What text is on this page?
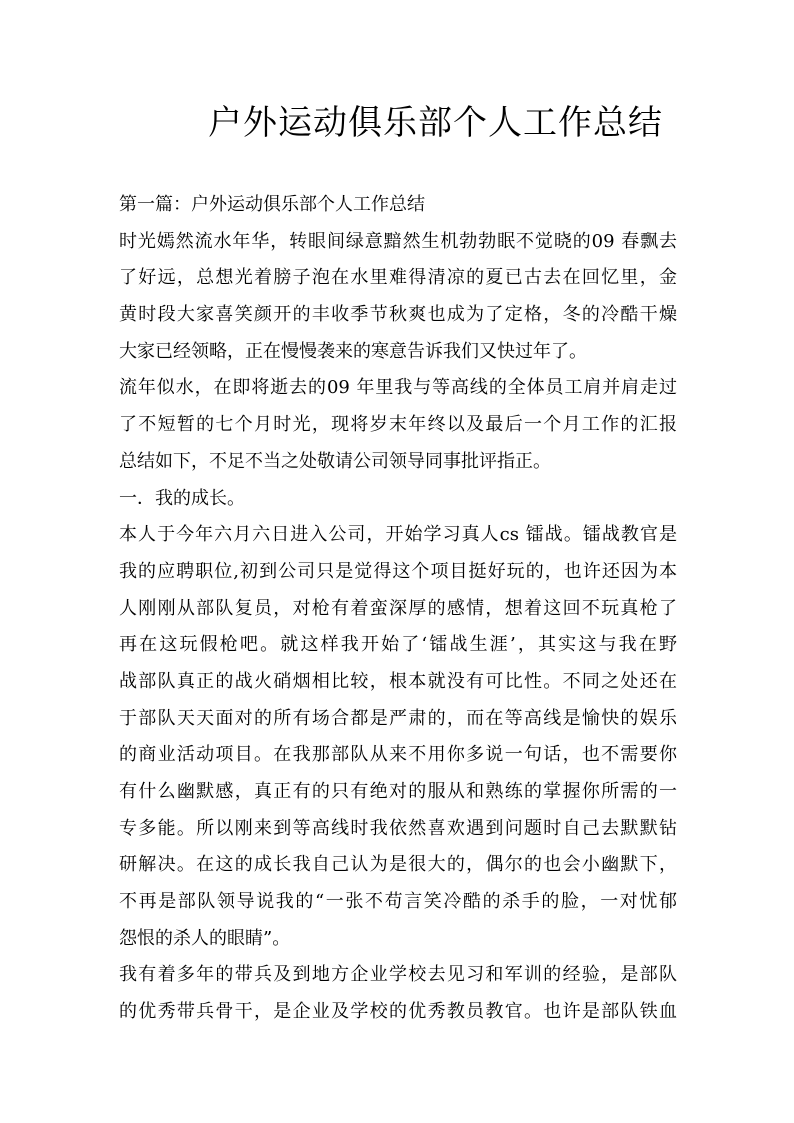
户外运动俱乐部个人工作总结
第一篇：户外运动俱乐部个人工作总结
时光嫣然流水年华，转眼间绿意黯然生机勃勃眠不觉晓的09 春飘去
了好远，总想光着膀子泡在水里难得清凉的夏已古去在回忆里，金
黄时段大家喜笑颜开的丰收季节秋爽也成为了定格，冬的冷酷干燥
大家已经领略，正在慢慢袭来的寒意告诉我们又快过年了。
流年似水，在即将逝去的09 年里我与等高线的全体员工肩并肩走过
了不短暂的七个月时光，现将岁末年终以及最后一个月工作的汇报
总结如下，不足不当之处敬请公司领导同事批评指正。
一．我的成长。
本人于今年六月六日进入公司，开始学习真人cs 镭战。镭战教官是
我的应聘职位,初到公司只是觉得这个项目挺好玩的，也许还因为本
人刚刚从部队复员，对枪有着蛮深厚的感情，想着这回不玩真枪了
再在这玩假枪吧。就这样我开始了‘镭战生涯’，其实这与我在野
战部队真正的战火硝烟相比较，根本就没有可比性。不同之处还在
于部队天天面对的所有场合都是严肃的，而在等高线是愉快的娱乐
的商业活动项目。在我那部队从来不用你多说一句话，也不需要你
有什么幽默感，真正有的只有绝对的服从和熟练的掌握你所需的一
专多能。所以刚来到等高线时我依然喜欢遇到问题时自己去默默钻
研解决。在这的成长我自己认为是很大的，偶尔的也会小幽默下，
不再是部队领导说我的“一张不苟言笑冷酷的杀手的脸，一对忧郁
怨恨的杀人的眼睛”。
我有着多年的带兵及到地方企业学校去见习和军训的经验，是部队
的优秀带兵骨干，是企业及学校的优秀教员教官。也许是部队铁血
